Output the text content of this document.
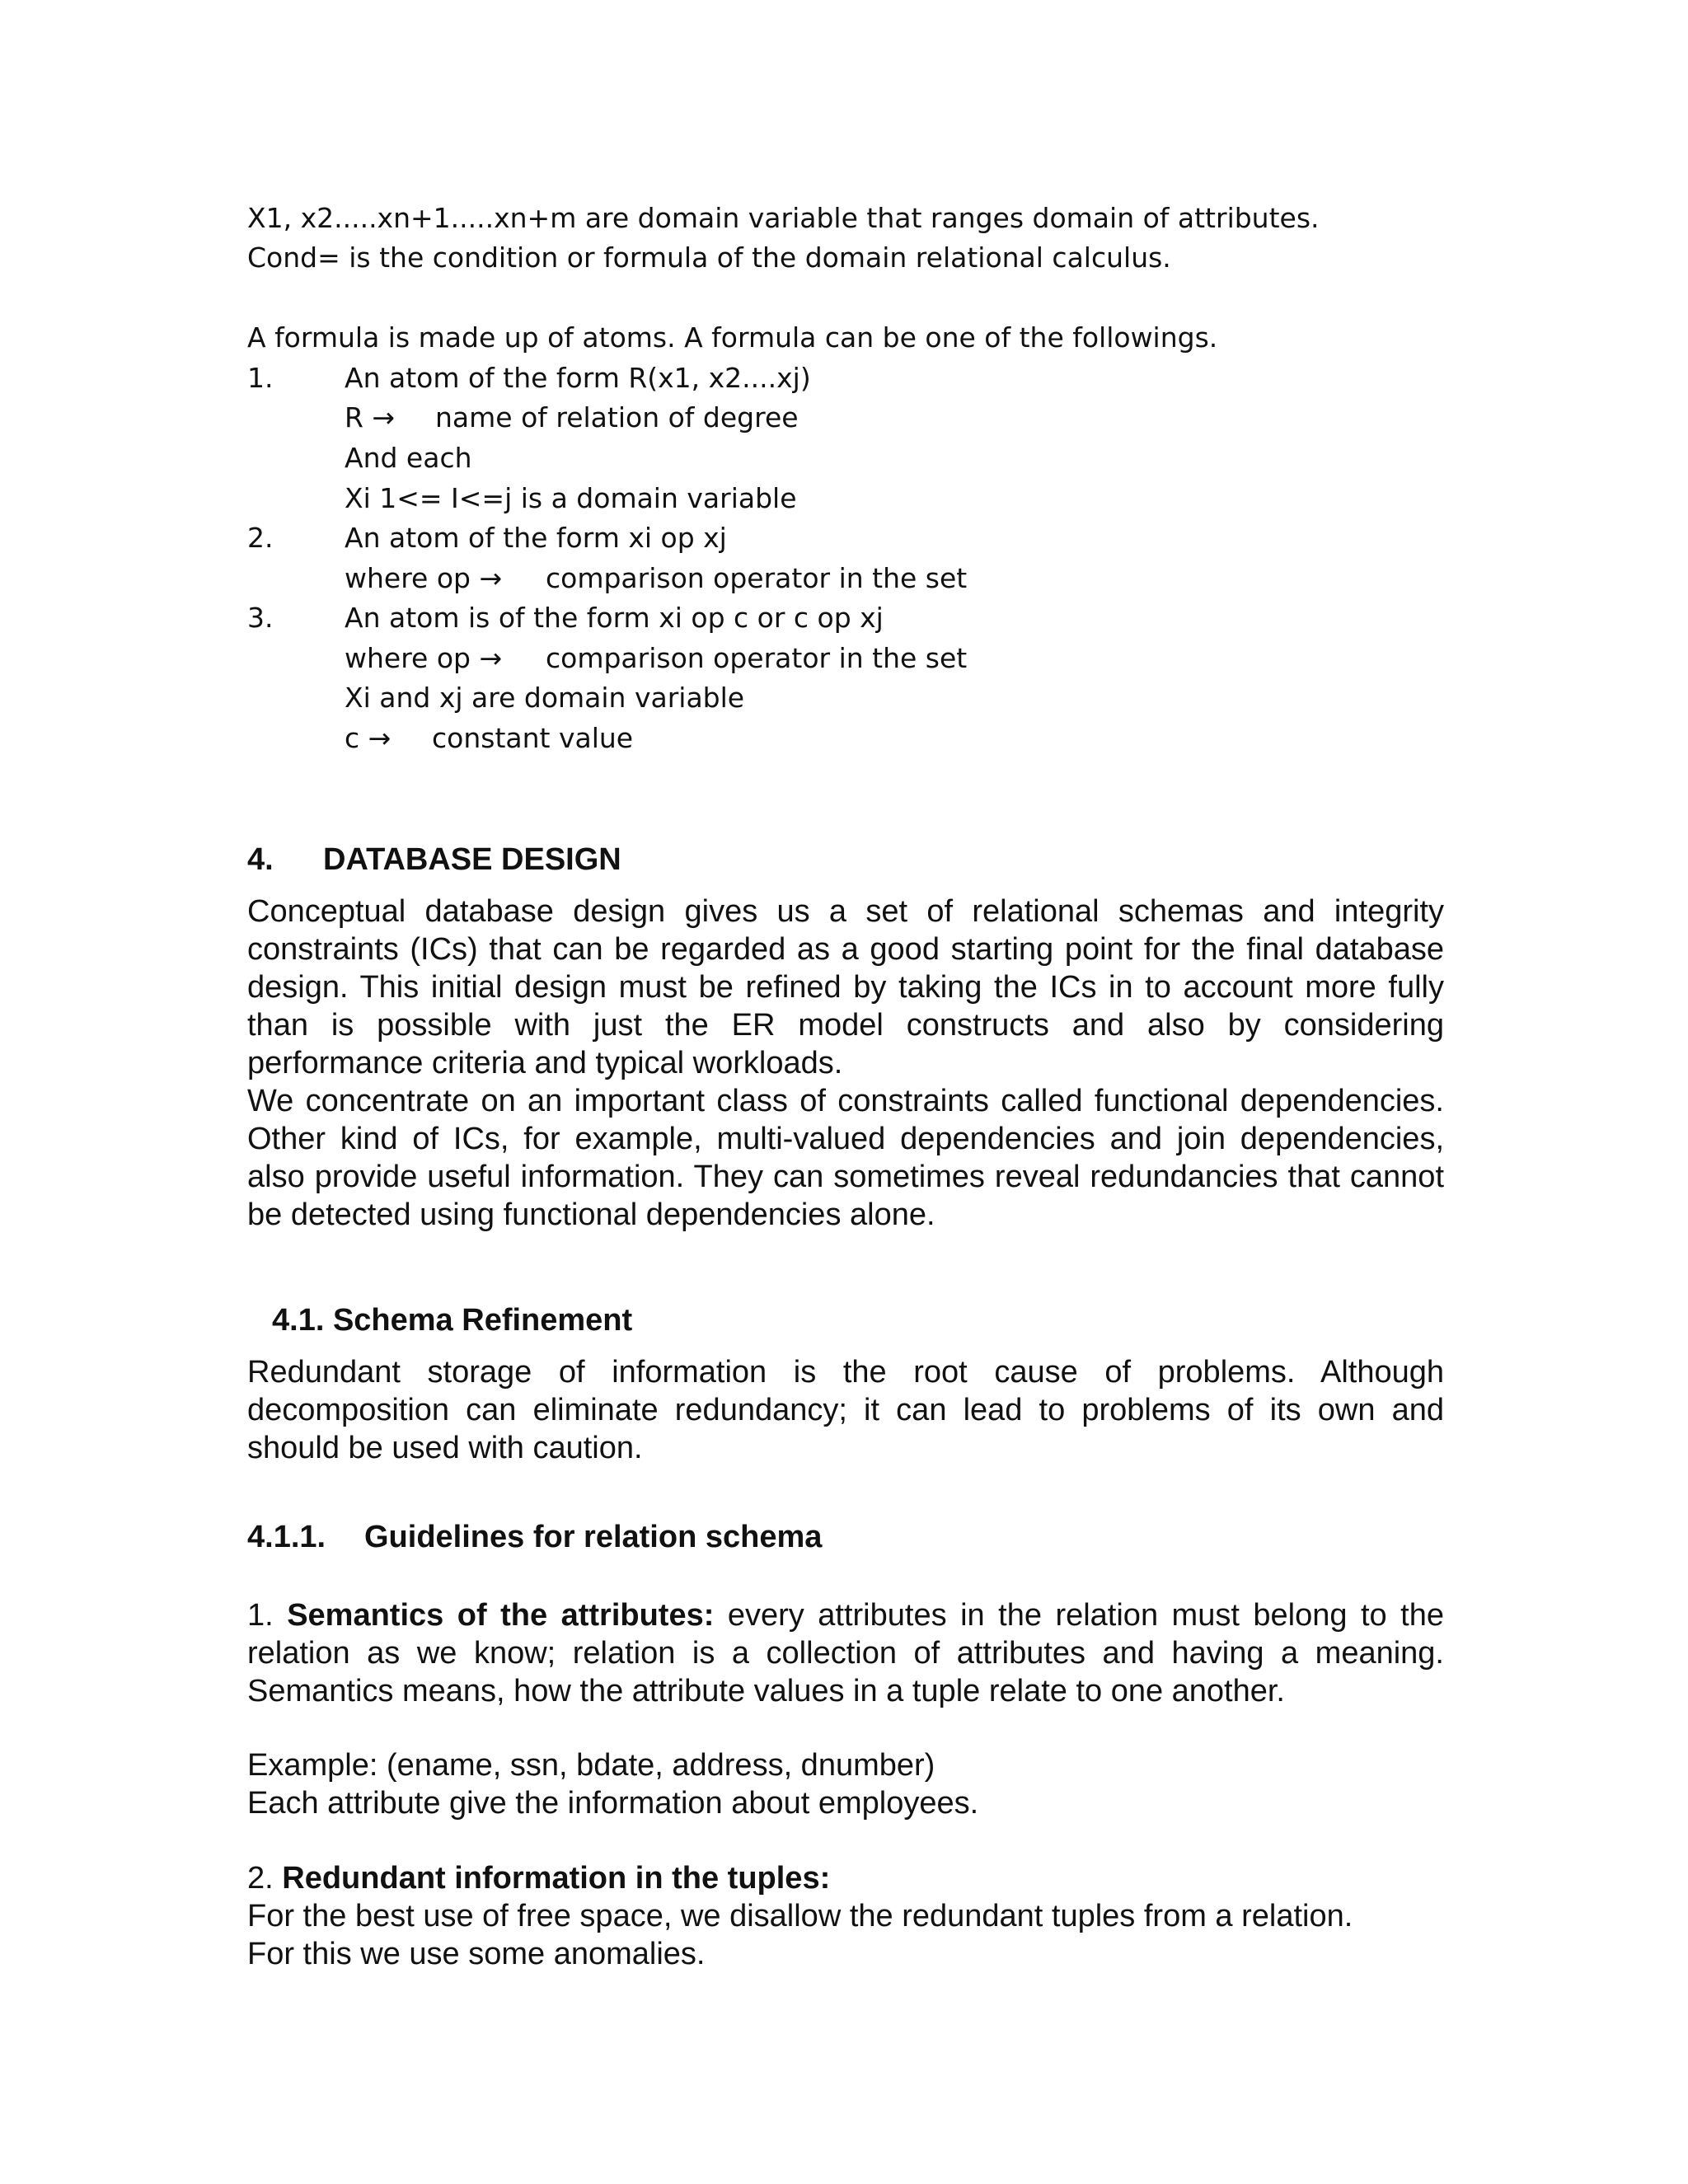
X1, x2.....xn+1.....xn+m are domain variable that ranges domain of attributes.
Cond= is the condition or formula of the domain relational calculus.
A formula is made up of atoms. A formula can be one of the followings.
1.	An atom of the form R(x1, x2....xj)
R → name of relation of degree
And each
Xi 1<= I<=j is a domain variable
2.	An atom of the form xi op xj
where op → comparison operator in the set
3.	An atom is of the form xi op c or c op xj
where op → comparison operator in the set
Xi and xj are domain variable
c → constant value
4. DATABASE DESIGN

Conceptual database design gives us a set of relational schemas and integrity constraints (ICs) that can be regarded as a good starting point for the final database design. This initial design must be refined by taking the ICs in to account more fully than is possible with just the ER model constructs and also by considering performance criteria and typical workloads.

We concentrate on an important class of constraints called functional dependencies. Other kind of ICs, for example, multi-valued dependencies and join dependencies, also provide useful information. They can sometimes reveal redundancies that cannot be detected using functional dependencies alone.

4.1. Schema Refinement

Redundant storage of information is the root cause of problems. Although decomposition can eliminate redundancy; it can lead to problems of its own and should be used with caution.

4.1.1. Guidelines for relation schema

1. Semantics of the attributes: every attributes in the relation must belong to the relation as we know; relation is a collection of attributes and having a meaning. Semantics means, how the attribute values in a tuple relate to one another.

Example: (ename, ssn, bdate, address, dnumber)
Each attribute give the information about employees.
2. Redundant information in the tuples:
For the best use of free space, we disallow the redundant tuples from a relation.
For this we use some anomalies.
